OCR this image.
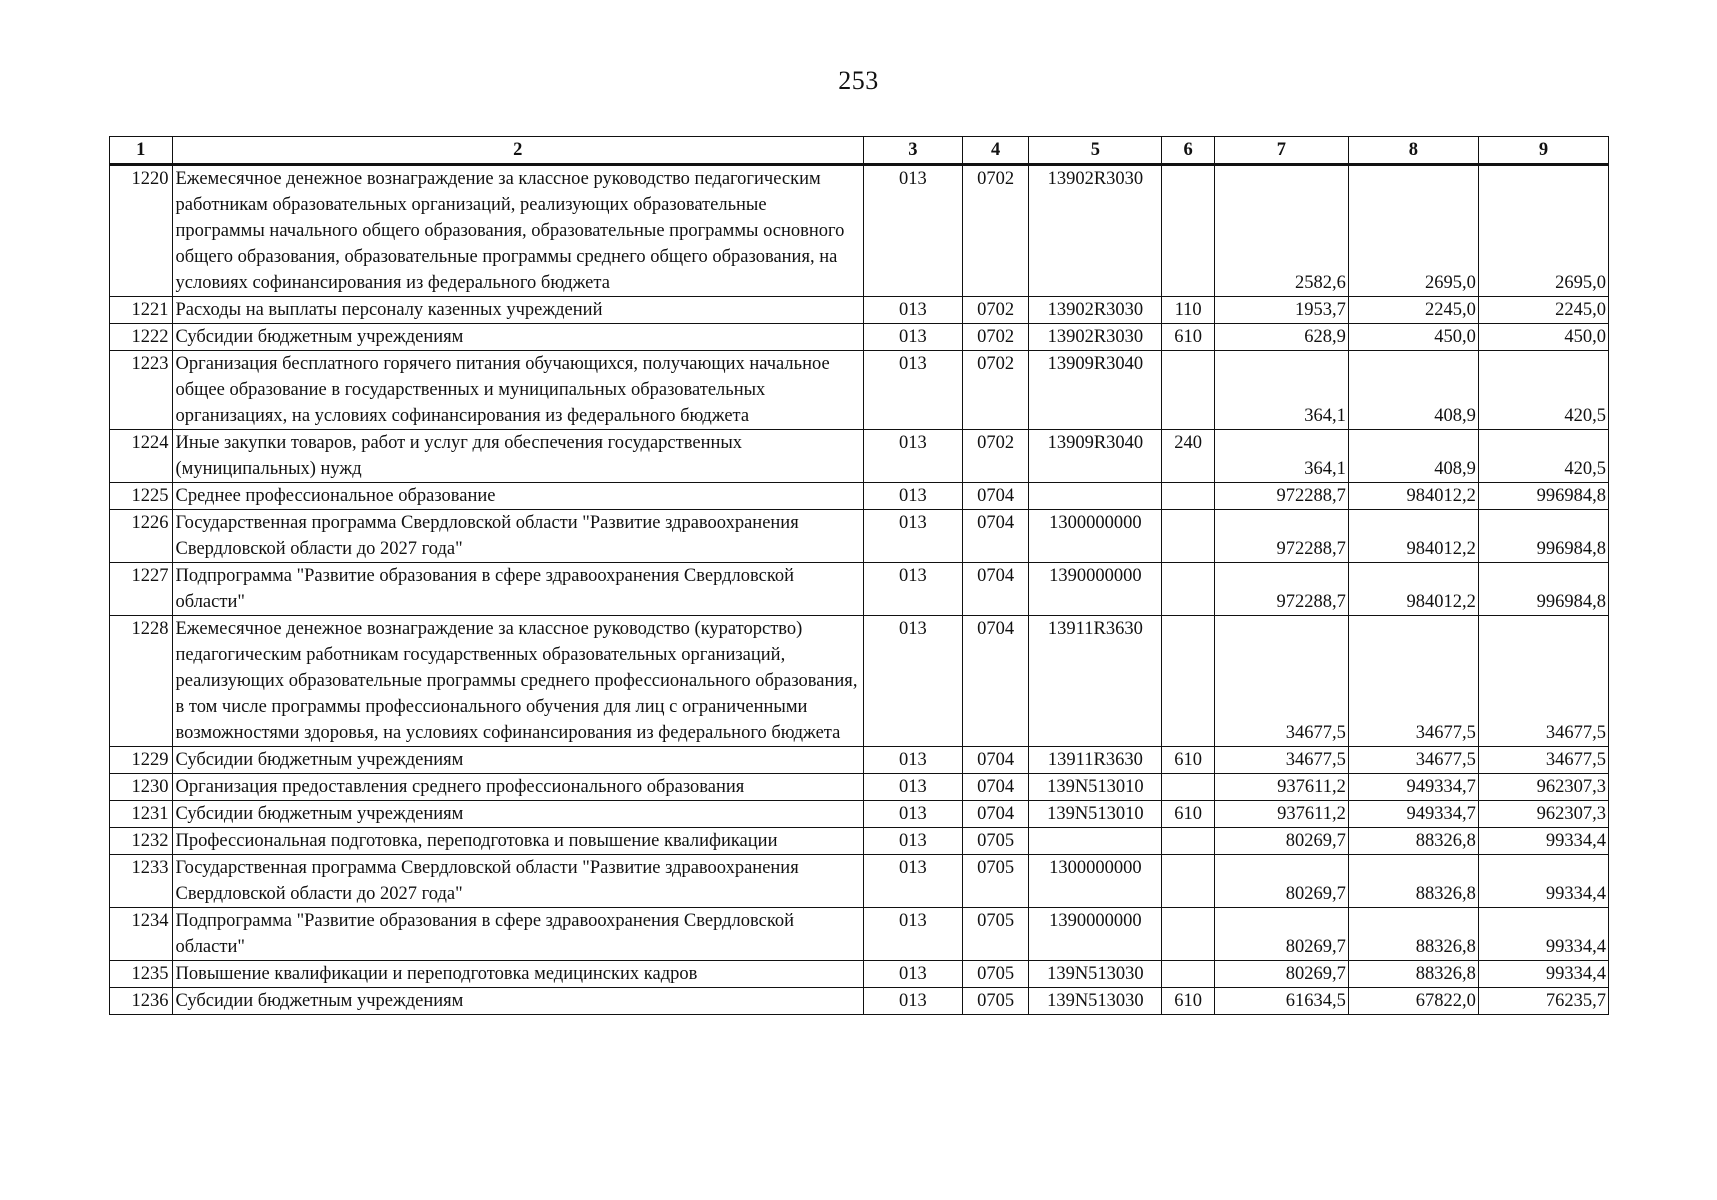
253
1	2	3	4	5	6	7	8	9
1220	Ежемесячное денежное вознаграждение за классное руководство педагогическим работникам образовательных организаций, реализующих образовательные программы начального общего образования, образовательные программы основного общего образования, образовательные программы среднего общего образования, на условиях софинансирования из федерального бюджета	013	0702	13902R3030		2582,6	2695,0	2695,0
1221	Расходы на выплаты персоналу казенных учреждений	013	0702	13902R3030	110	1953,7	2245,0	2245,0
1222	Субсидии бюджетным учреждениям	013	0702	13902R3030	610	628,9	450,0	450,0
1223	Организация бесплатного горячего питания обучающихся, получающих начальное общее образование в государственных и муниципальных образовательных организациях, на условиях софинансирования из федерального бюджета	013	0702	13909R3040		364,1	408,9	420,5
1224	Иные закупки товаров, работ и услуг для обеспечения государственных (муниципальных) нужд	013	0702	13909R3040	240	364,1	408,9	420,5
1225	Среднее профессиональное образование	013	0704			972288,7	984012,2	996984,8
1226	Государственная программа Свердловской области "Развитие здравоохранения Свердловской области до 2027 года"	013	0704	1300000000		972288,7	984012,2	996984,8
1227	Подпрограмма "Развитие образования в сфере здравоохранения Свердловской области"	013	0704	1390000000		972288,7	984012,2	996984,8
1228	Ежемесячное денежное вознаграждение за классное руководство (кураторство) педагогическим работникам государственных образовательных организаций, реализующих образовательные программы среднего профессионального образования, в том числе программы профессионального обучения для лиц с ограниченными возможностями здоровья, на условиях софинансирования из федерального бюджета	013	0704	13911R3630		34677,5	34677,5	34677,5
1229	Субсидии бюджетным учреждениям	013	0704	13911R3630	610	34677,5	34677,5	34677,5
1230	Организация предоставления среднего профессионального образования	013	0704	139N513010		937611,2	949334,7	962307,3
1231	Субсидии бюджетным учреждениям	013	0704	139N513010	610	937611,2	949334,7	962307,3
1232	Профессиональная подготовка, переподготовка и повышение квалификации	013	0705			80269,7	88326,8	99334,4
1233	Государственная программа Свердловской области "Развитие здравоохранения Свердловской области до 2027 года"	013	0705	1300000000		80269,7	88326,8	99334,4
1234	Подпрограмма "Развитие образования в сфере здравоохранения Свердловской области"	013	0705	1390000000		80269,7	88326,8	99334,4
1235	Повышение квалификации и переподготовка медицинских кадров	013	0705	139N513030		80269,7	88326,8	99334,4
1236	Субсидии бюджетным учреждениям	013	0705	139N513030	610	61634,5	67822,0	76235,7
